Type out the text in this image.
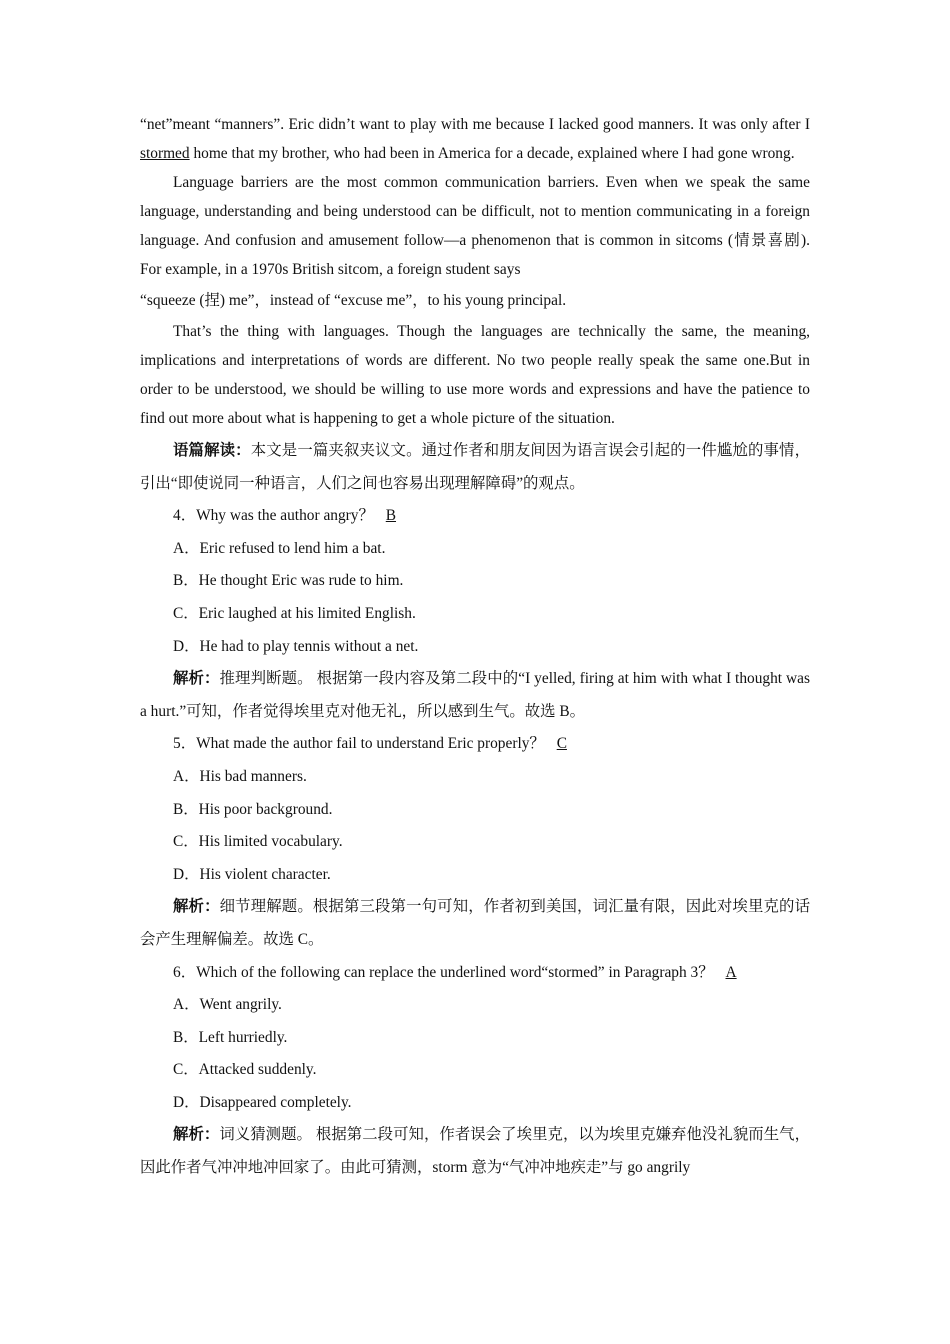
“net”meant “manners”. Eric didn’t want to play with me because I lacked good manners. It was only after I stormed home that my brother, who had been in America for a decade, explained where I had gone wrong.

Language barriers are the most common communication barriers. Even when we speak the same language, understanding and being understood can be difficult, not to mention communicating in a foreign language. And confusion and amusement follow—a phenomenon that is common in sitcoms (情景喜剧). For example, in a 1970s British sitcom, a foreign student says

“squeeze (捏) me”，instead of “excuse me”，to his young principal.

That’s the thing with languages. Though the languages are technically the same, the meaning, implications and interpretations of words are different. No two people really speak the same one.But in order to be understood, we should be willing to use more words and expressions and have the patience to find out more about what is happening to get a whole picture of the situation.

语篇解读：本文是一篇夹叙夹议文。通过作者和朋友间因为语言误会引起的一件尴尬的事情，引出“即使说同一种语言，人们之间也容易出现理解障碍”的观点。

4．Why was the author angry？ B

A．Eric refused to lend him a bat.

B．He thought Eric was rude to him.

C．Eric laughed at his limited English.

D．He had to play tennis without a net.

解析：推理判断题。 根据第一段内容及第二段中的“I yelled, firing at him with what I thought was a hurt.”可知，作者觉得埃里克对他无礼，所以感到生气。故选 B。

5．What made the author fail to understand Eric properly？ C

A．His bad manners.

B．His poor background.

C．His limited vocabulary.

D．His violent character.

解析：细节理解题。根据第三段第一句可知，作者初到美国，词汇量有限，因此对埃里克的话会产生理解偏差。故选 C。

6．Which of the following can replace the underlined word“stormed” in Paragraph 3？ A

A．Went angrily.

B．Left hurriedly.

C．Attacked suddenly.

D．Disappeared completely.

解析：词义猜测题。 根据第二段可知，作者误会了埃里克，以为埃里克嫌弃他没礼貌而生气，因此作者气冲冲地冲回家了。由此可猜测，storm 意为“气冲冲地疾走”与 go angrily
